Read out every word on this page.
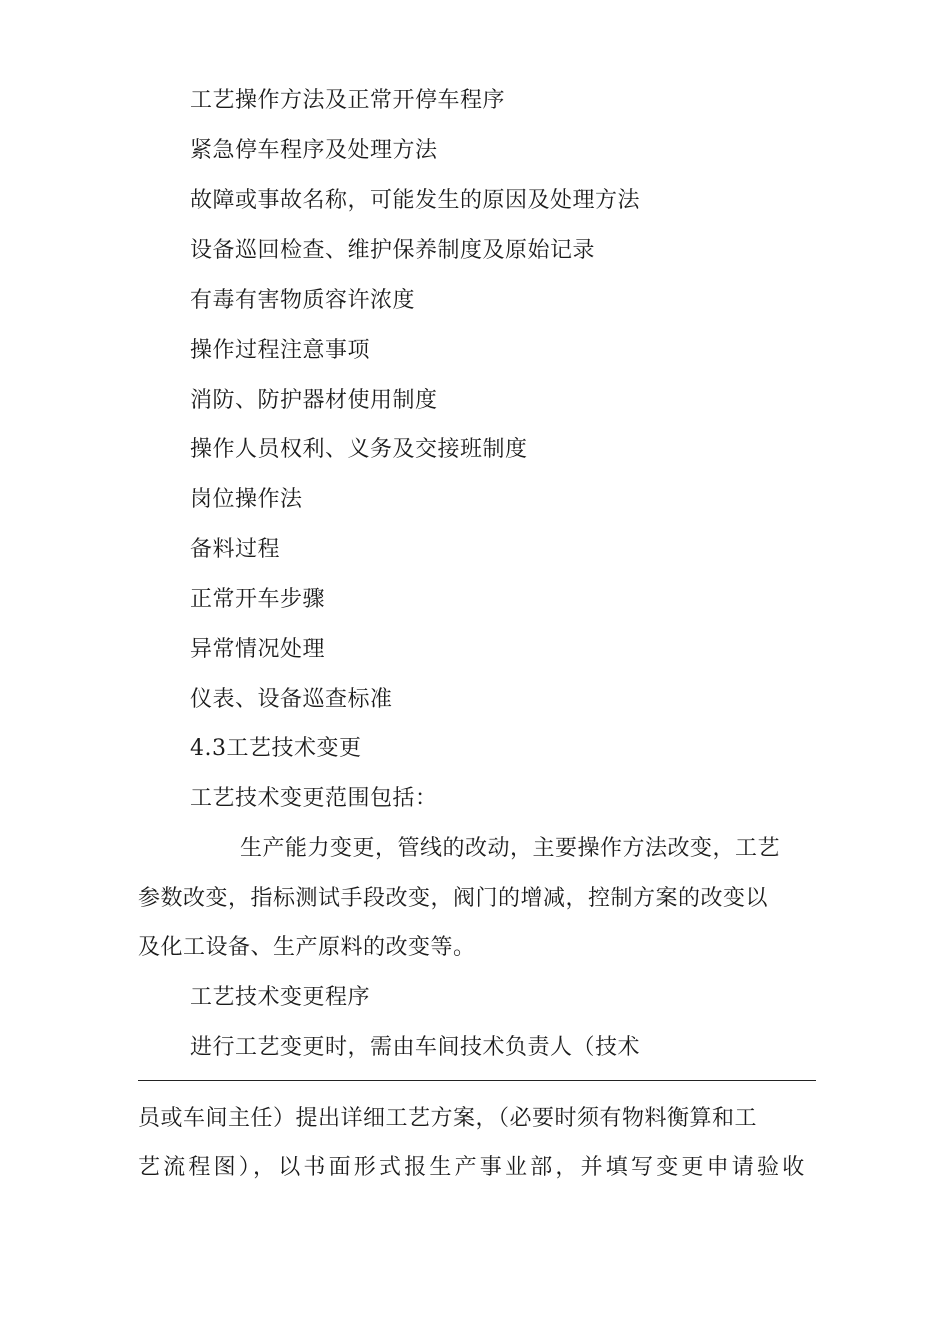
工艺操作方法及正常开停车程序
紧急停车程序及处理方法
故障或事故名称，可能发生的原因及处理方法
设备巡回检查、维护保养制度及原始记录
有毒有害物质容许浓度
操作过程注意事项
消防、防护器材使用制度
操作人员权利、义务及交接班制度
岗位操作法
备料过程
正常开车步骤
异常情况处理
仪表、设备巡查标准
4.3工艺技术变更
工艺技术变更范围包括：
生产能力变更，管线的改动，主要操作方法改变，工艺
参数改变，指标测试手段改变，阀门的增减，控制方案的改变以
及化工设备、生产原料的改变等。
工艺技术变更程序
进行工艺变更时，需由车间技术负责人（技术
员或车间主任）提出详细工艺方案，（必要时须有物料衡算和工
艺流程图），以书面形式报生产事业部，并填写变更申请验收
